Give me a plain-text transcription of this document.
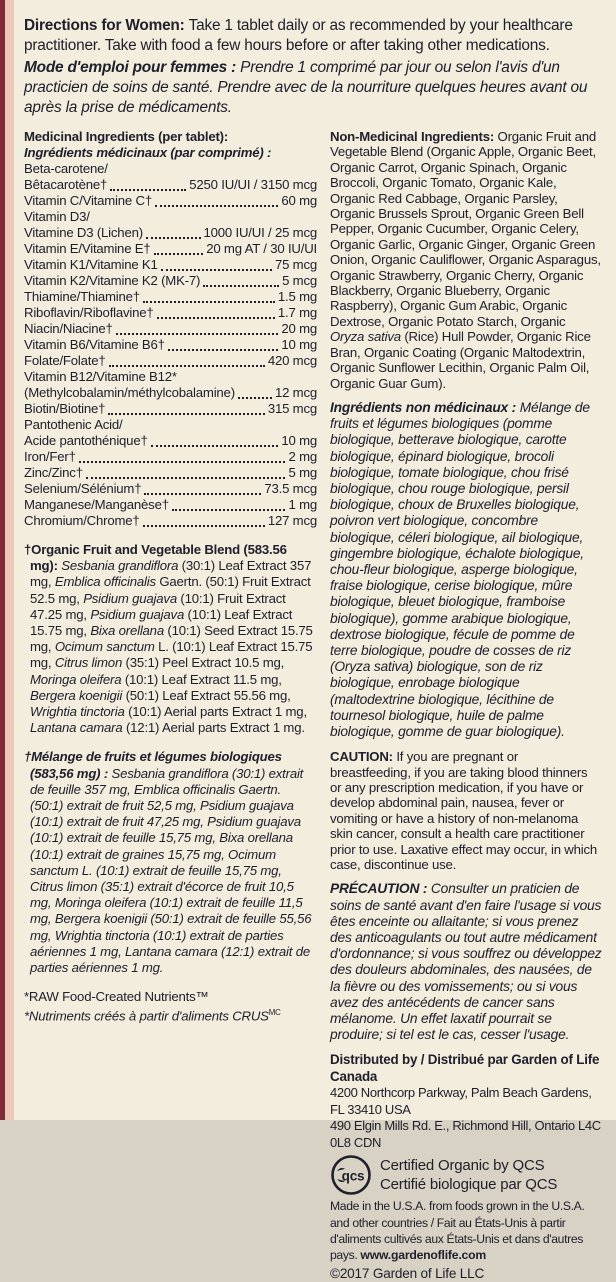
Directions for Women: Take 1 tablet daily or as recommended by your healthcare practitioner. Take with food a few hours before or after taking other medications.

Mode d'emploi pour femmes : Prendre 1 comprimé par jour ou selon l'avis d'un practicien de soins de santé. Prendre avec de la nourriture quelques heures avant ou après la prise de médicaments.

Medicinal Ingredients (per tablet):

Ingrédients médicinaux (par comprimé) :

Beta-carotene/
Bêtacarotène†	5250 IU/UI / 3150 mcg
Vitamin C/Vitamine C†	60 mg
Vitamin D3/
Vitamine D3 (Lichen)	1000 IU/UI / 25 mcg
Vitamin E/Vitamine E†	20 mg AT / 30 IU/UI
Vitamin K1/Vitamine K1	75 mcg
Vitamin K2/Vitamine K2 (MK-7)	5 mcg
Thiamine/Thiamine†	1.5 mg
Riboflavin/Riboflavine†	1.7 mg
Niacin/Niacine†	20 mg
Vitamin B6/Vitamine B6†	10 mg
Folate/Folate†	420 mcg
Vitamin B12/Vitamine B12*
(Methylcobalamin/méthylcobalamine)	12 mcg
Biotin/Biotine†	315 mcg
Pantothenic Acid/
Acide pantothénique†	10 mg
Iron/Fer†	2 mg
Zinc/Zinc†	5 mg
Selenium/Sélénium†	73.5 mcg
Manganese/Manganèse†	1 mg
Chromium/Chrome†	127 mcg

†Organic Fruit and Vegetable Blend (583.56 mg): Sesbania grandiflora (30:1) Leaf Extract 357 mg, Emblica officinalis Gaertn. (50:1) Fruit Extract 52.5 mg, Psidium guajava (10:1) Fruit Extract 47.25 mg, Psidium guajava (10:1) Leaf Extract 15.75 mg, Bixa orellana (10:1) Seed Extract 15.75 mg, Ocimum sanctum L. (10:1) Leaf Extract 15.75 mg, Citrus limon (35:1) Peel Extract 10.5 mg, Moringa oleifera (10:1) Leaf Extract 11.5 mg, Bergera koenigii (50:1) Leaf Extract 55.56 mg, Wrightia tinctoria (10:1) Aerial parts Extract 1 mg, Lantana camara (12:1) Aerial parts Extract 1 mg.

†Mélange de fruits et légumes biologiques (583,56 mg) : Sesbania grandiflora (30:1) extrait de feuille 357 mg, Emblica officinalis Gaertn. (50:1) extrait de fruit 52,5 mg, Psidium guajava (10:1) extrait de fruit 47,25 mg, Psidium guajava (10:1) extrait de feuille 15,75 mg, Bixa orellana (10:1) extrait de graines 15,75 mg, Ocimum sanctum L. (10:1) extrait de feuille 15,75 mg, Citrus limon (35:1) extrait d'écorce de fruit 10,5 mg, Moringa oleifera (10:1) extrait de feuille 11,5 mg, Bergera koenigii (50:1) extrait de feuille 55,56 mg, Wrightia tinctoria (10:1) extrait de parties aériennes 1 mg, Lantana camara (12:1) extrait de parties aériennes 1 mg.

*RAW Food-Created Nutrients™

*Nutriments créés à partir d'aliments $CRUS^{MC}$

Non-Medicinal Ingredients: Organic Fruit and Vegetable Blend (Organic Apple, Organic Beet, Organic Carrot, Organic Spinach, Organic Broccoli, Organic Tomato, Organic Kale, Organic Red Cabbage, Organic Parsley, Organic Brussels Sprout, Organic Green Bell Pepper, Organic Cucumber, Organic Celery, Organic Garlic, Organic Ginger, Organic Green Onion, Organic Cauliflower, Organic Asparagus, Organic Strawberry, Organic Cherry, Organic Blackberry, Organic Blueberry, Organic Raspberry), Organic Gum Arabic, Organic Dextrose, Organic Potato Starch, Organic Oryza sativa (Rice) Hull Powder, Organic Rice Bran, Organic Coating (Organic Maltodextrin, Organic Sunflower Lecithin, Organic Palm Oil, Organic Guar Gum).

Ingrédients non médicinaux : Mélange de fruits et légumes biologiques (pomme biologique, betterave biologique, carotte biologique, épinard biologique, brocoli biologique, tomate biologique, chou frisé biologique, chou rouge biologique, persil biologique, choux de Bruxelles biologique, poivron vert biologique, concombre biologique, céleri biologique, ail biologique, gingembre biologique, échalote biologique, chou-fleur biologique, asperge biologique, fraise biologique, cerise biologique, mûre biologique, bleuet biologique, framboise biologique), gomme arabique biologique, dextrose biologique, fécule de pomme de terre biologique, poudre de cosses de riz (Oryza sativa) biologique, son de riz biologique, enrobage biologique (maltodextrine biologique, lécithine de tournesol biologique, huile de palme biologique, gomme de guar biologique).

CAUTION: If you are pregnant or breastfeeding, if you are taking blood thinners or any prescription medication, if you have or develop abdominal pain, nausea, fever or vomiting or have a history of non-melanoma skin cancer, consult a health care practitioner prior to use. Laxative effect may occur, in which case, discontinue use.

PRÉCAUTION : Consulter un praticien de soins de santé avant d'en faire l'usage si vous êtes enceinte ou allaitante; si vous prenez des anticoagulants ou tout autre médicament d'ordonnance; si vous souffrez ou développez des douleurs abdominales, des nausées, de la fièvre ou des vomissements; ou si vous avez des antécédents de cancer sans mélanome. Un effet laxatif pourrait se produire; si tel est le cas, cesser l'usage.

Distributed by / Distribué par Garden of Life Canada

4200 Northcorp Parkway, Palm Beach Gardens, FL 33410 USA

490 Elgin Mills Rd. E., Richmond Hill, Ontario L4C 0L8 CDN

qcs

Certified Organic by QCS

Certifié biologique par QCS

Made in the U.S.A. from foods grown in the U.S.A. and other countries / Fait au États-Unis à partir d'aliments cultivés aux États-Unis et dans d'autres pays. www.gardenoflife.com

©2017 Garden of Life LLC
